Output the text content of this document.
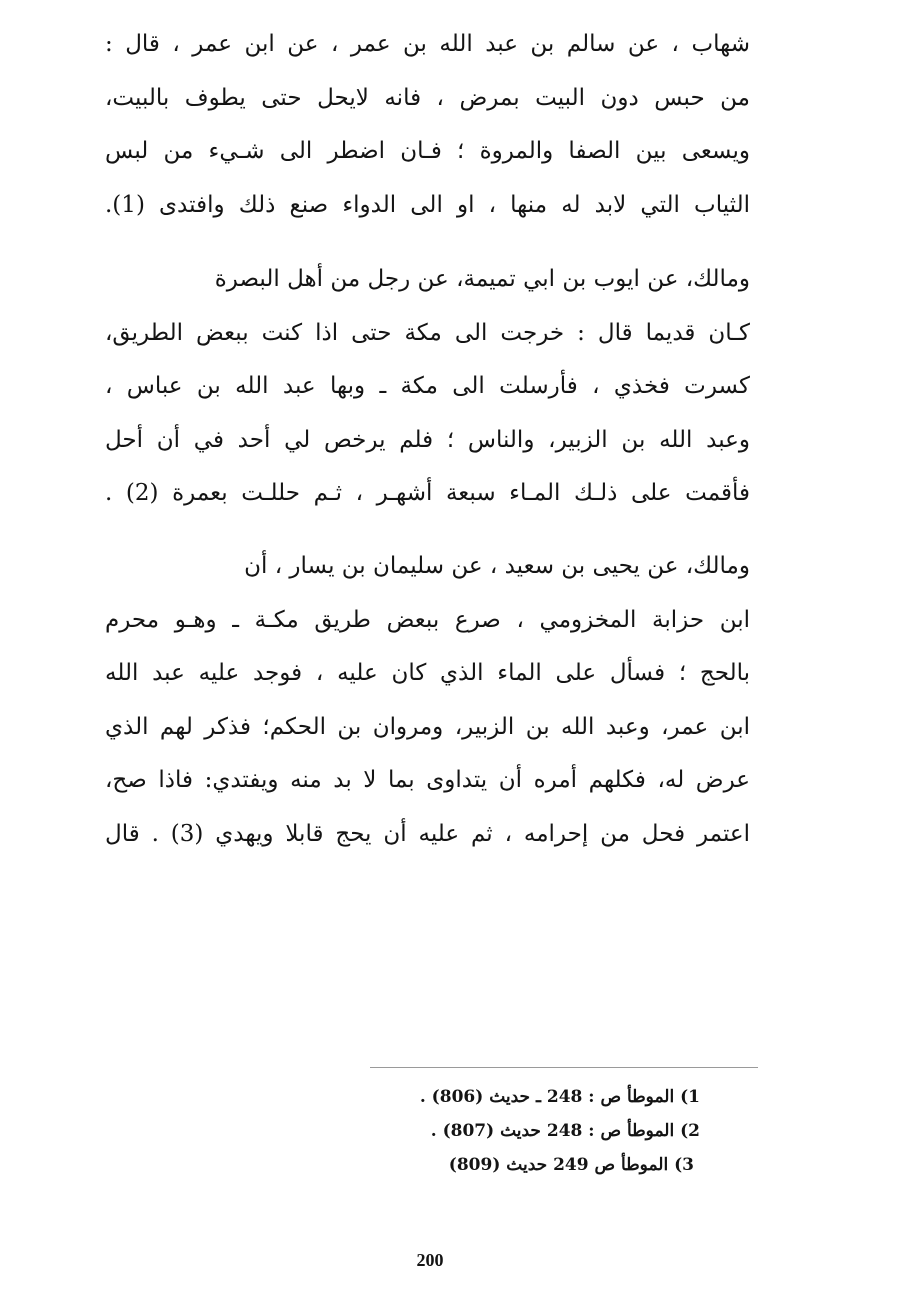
شهاب ، عن سالم بن عبد الله بن عمر ، عن ابن عمر ، قال :
من حبس دون البيت بمرض ، فانه لايحل حتى يطوف بالبيت،
ويسعى بين الصفا والمروة ؛ فـان اضطر الى شـيء من لبس
الثياب التي لابد له منها ، او الى الدواء صنع ذلك وافتدى (1).
ومالك، عن ايوب بن ابي تميمة، عن رجل من أهل البصرة
كـان قديما قال : خرجت الى مكة حتى اذا كنت ببعض الطريق،
كسرت فخذي ، فأرسلت الى مكة ـ وبها عبد الله بن عباس ،
وعبد الله بن الزبير، والناس ؛ فلم يرخص لي أحد في أن أحل
فأقمت على ذلـك المـاء سبعة أشهـر ، ثـم حللـت بعمرة (2) .
ومالك، عن يحيى بن سعيد ، عن سليمان بن يسار ، أن
ابن حزابة المخزومي ، صرع ببعض طريق مكـة ـ وهـو محرم
بالحج ؛ فسأل على الماء الذي كان عليه ، فوجد عليه عبد الله
ابن عمر، وعبد الله بن الزبير، ومروان بن الحكم؛ فذكر لهم الذي
عرض له، فكلهم أمره أن يتداوى بما لا بد منه ويفتدي: فاذا صح،
اعتمر فحل من إحرامه ، ثم عليه أن يحج قابلا ويهدي (3) . قال
1) الموطأ ص : 248 ـ حديث (806) .
2) الموطأ ص : 248 حديث (807) .
3) الموطأ ص 249 حديث (809)
200
